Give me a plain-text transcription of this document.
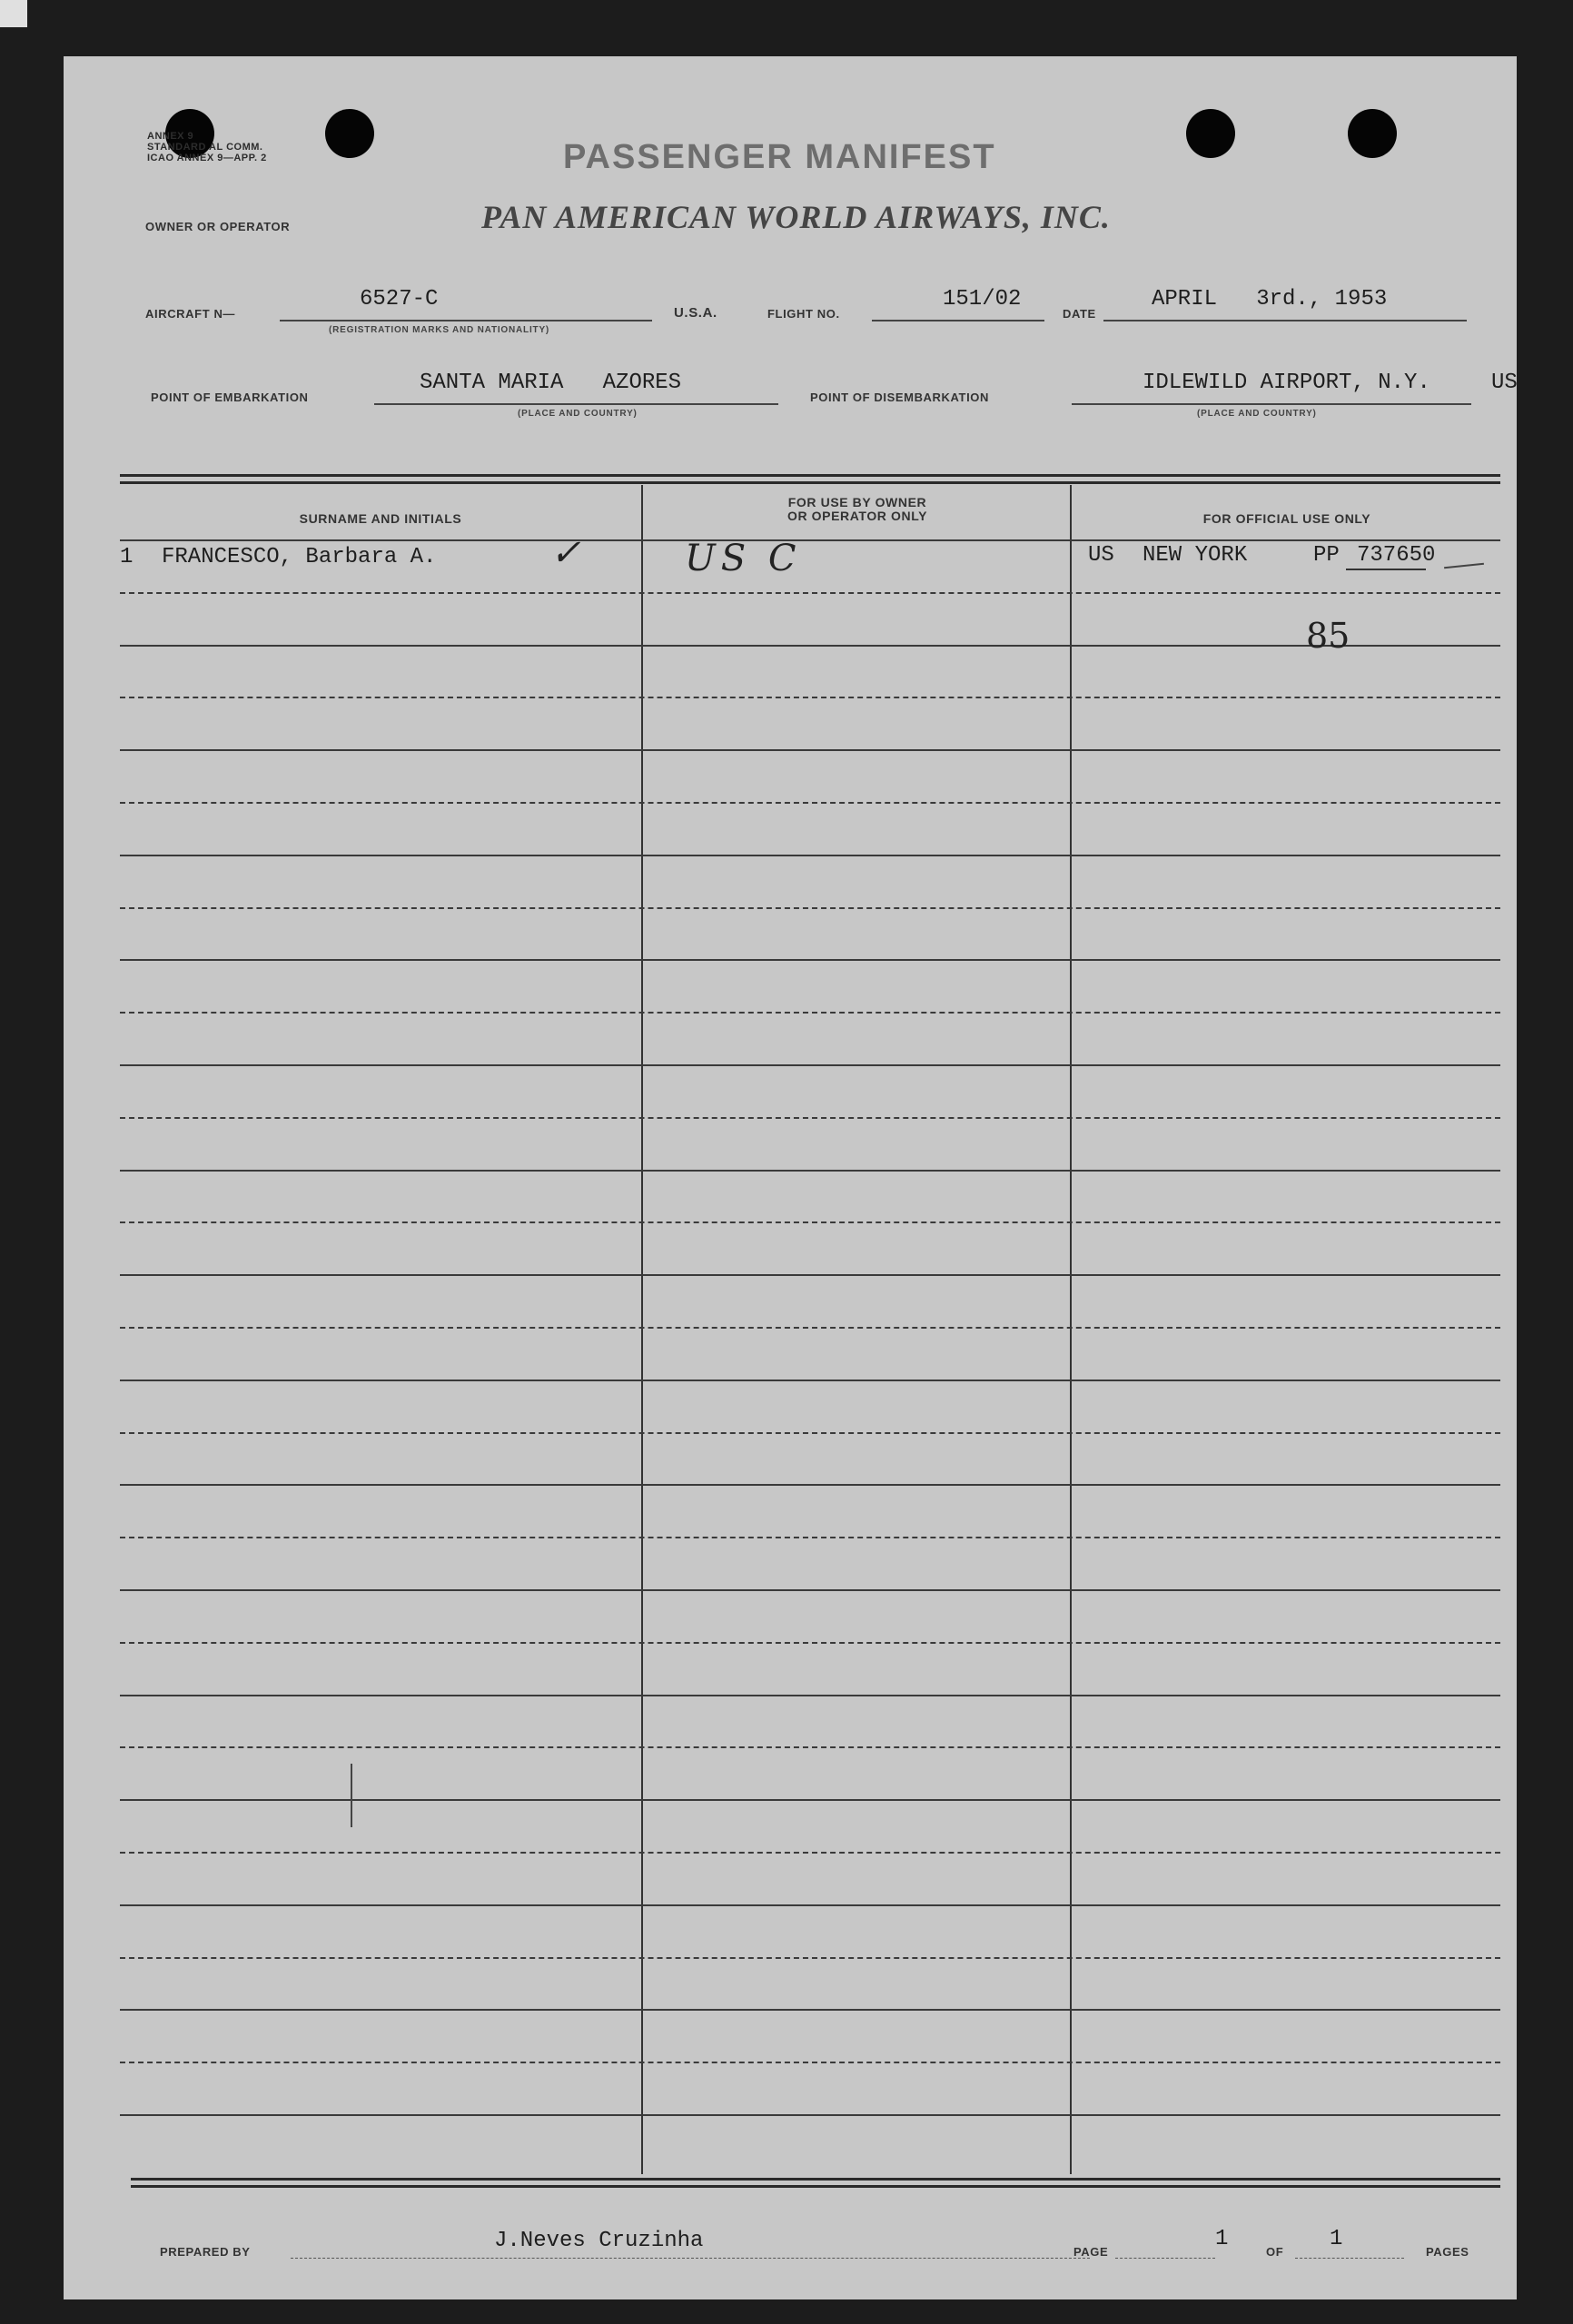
ANNEX 9
STANDARD AL COMM.
ICAO ANNEX 9—APP. 2	PASSENGER MANIFEST
OWNER OR OPERATOR	PAN AMERICAN WORLD AIRWAYS, INC.
AIRCRAFT N—
6527-C
(REGISTRATION MARKS AND NATIONALITY)
U.S.A.	FLIGHT NO.
151/02
DATE
APRIL   3rd., 1953
POINT OF EMBARKATION
SANTA MARIA   AZORES
(PLACE AND COUNTRY)
POINT OF DISEMBARKATION
IDLEWILD AIRPORT, N.Y.	US
(PLACE AND COUNTRY)
SURNAME AND INITIALS
FOR USE BY OWNER
OR OPERATOR ONLY	FOR OFFICIAL USE ONLY
1 FRANCESCO, Barbara A.	✓	US C	US NEW YORK	PP 737650
85
PREPARED BY	J.Neves Cruzinha	PAGE
1
OF
1
PAGES
